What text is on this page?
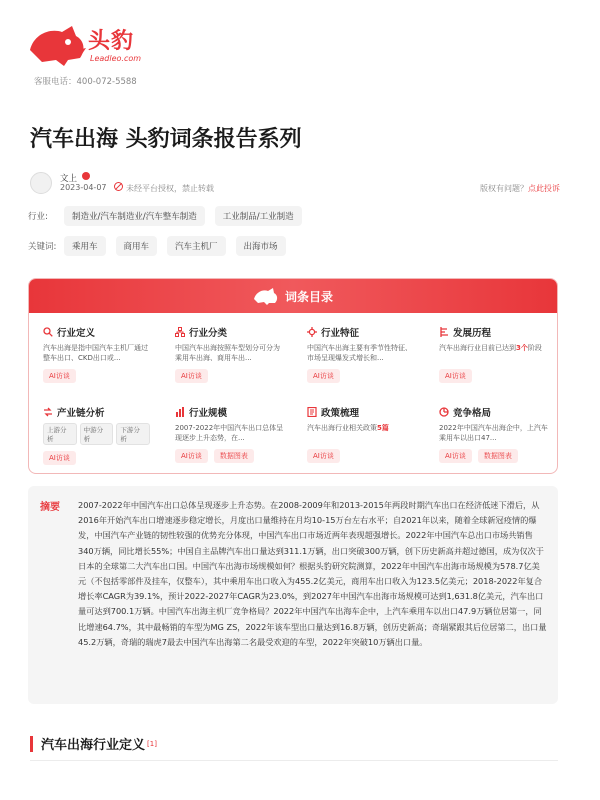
头豹
Leadleo.com
客服电话：400-072-5588
汽车出海 头豹词条报告系列
文上
2023-04-07 未经平台授权，禁止转载	版权有问题？点此投诉
行业:	制造业/汽车制造业/汽车整车制造	工业制品/工业制造
关键词:	乘用车	商用车	汽车主机厂	出海市场
词条目录
行业定义
汽车出海是指中国汽车主机厂通过整车出口、CKD出口或...
AI访谈
行业分类
中国汽车出海按照车型划分可分为乘用车出海、商用车出...
AI访谈
行业特征
中国汽车出海主要有季节性特征、市场呈现爆发式增长和...
AI访谈
发展历程
汽车出海行业目前已达到3个阶段
AI访谈
产业链分析
上游分析
中游分析
下游分析
AI访谈
行业规模
2007-2022年中国汽车出口总体呈现逐步上升态势，在...
AI访谈	数据图表
政策梳理
汽车出海行业相关政策5篇
AI访谈
竞争格局
2022年中国汽车出海企中，上汽车乘用车以出口47...
AI访谈	数据图表
摘要 2007-2022年中国汽车出口总体呈现逐步上升态势。在2008-2009年和2013-2015年两段时期汽车出口在经济低迷下滑后，从2016年开始汽车出口增速逐步稳定增长，月度出口量维持在月均10-15万台左右水平；自2021年以来，随着全球新冠疫情的爆发，中国汽车产业链的韧性较强的优势充分体现，中国汽车出口市场近两年表现超强增长。2022年中国汽车总出口市场共销售340万辆，同比增长55%；中国自主品牌汽车出口量达到311.1万辆，出口突破300万辆，创下历史新高并超过德国，成为仅次于日本的全球第二大汽车出口国。中国汽车出海市场规模如何？根据头豹研究院测算，2022年中国汽车出海市场规模为578.7亿美元（不包括零部件及挂车，仅整车），其中乘用车出口收入为455.2亿美元，商用车出口收入为123.5亿美元；2018-2022年复合增长率CAGR为39.1%，预计2022-2027年CAGR为23.0%，到2027年中国汽车出海市场规模可达到1,631.8亿美元，汽车出口量可达到700.1万辆。中国汽车出海主机厂竞争格局？2022年中国汽车出海车企中，上汽车乘用车以出口47.9万辆位居第一，同比增速64.7%，其中最畅销的车型为MG ZS，2022年该车型出口量达到16.8万辆，创历史新高；奇瑞紧跟其后位居第二，出口量45.2万辆，奇瑞的瑞虎7最去中国汽车出海第二名最受欢迎的车型，2022年突破10万辆出口量。
汽车出海行业定义 [1]
